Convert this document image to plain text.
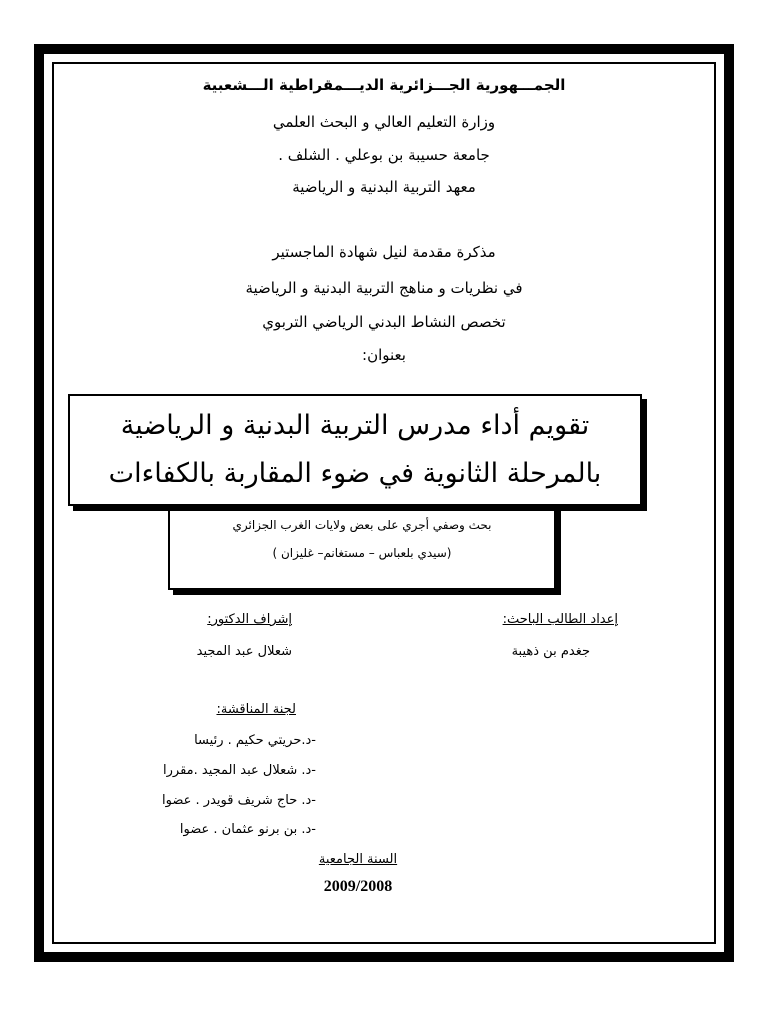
الجمـــهورية الجـــزائرية الديـــمقراطية الـــشعبية
وزارة التعليم العالي و البحث العلمي
جامعة حسيبة بن بوعلي . الشلف .
معهد التربية البدنية و الرياضية
مذكرة مقدمة لنيل شهادة الماجستير
في نظريات و مناهج التربية البدنية و الرياضية
تخصص النشاط البدني الرياضي التربوي
بعنوان:
بحث وصفي أجري على بعض ولايات الغرب الجزائري
(سيدي بلعباس – مستغانم– غليزان )
تقويم أداء مدرس التربية البدنية و الرياضية
بالمرحلة الثانوية في ضوء المقاربة بالكفاءات
إشراف الدكتور:
شعلال عبد المجيد
إعداد الطالب الباحث:
جغدم بن ذهيبة
لجنة المناقشة:
-د.حريتي حكيم . رئيسا
-د. شعلال عبد المجيد .مقررا
-د. حاج شريف قويدر . عضوا
-د. بن برنو عثمان . عضوا
السنة الجامعية
2009/2008
